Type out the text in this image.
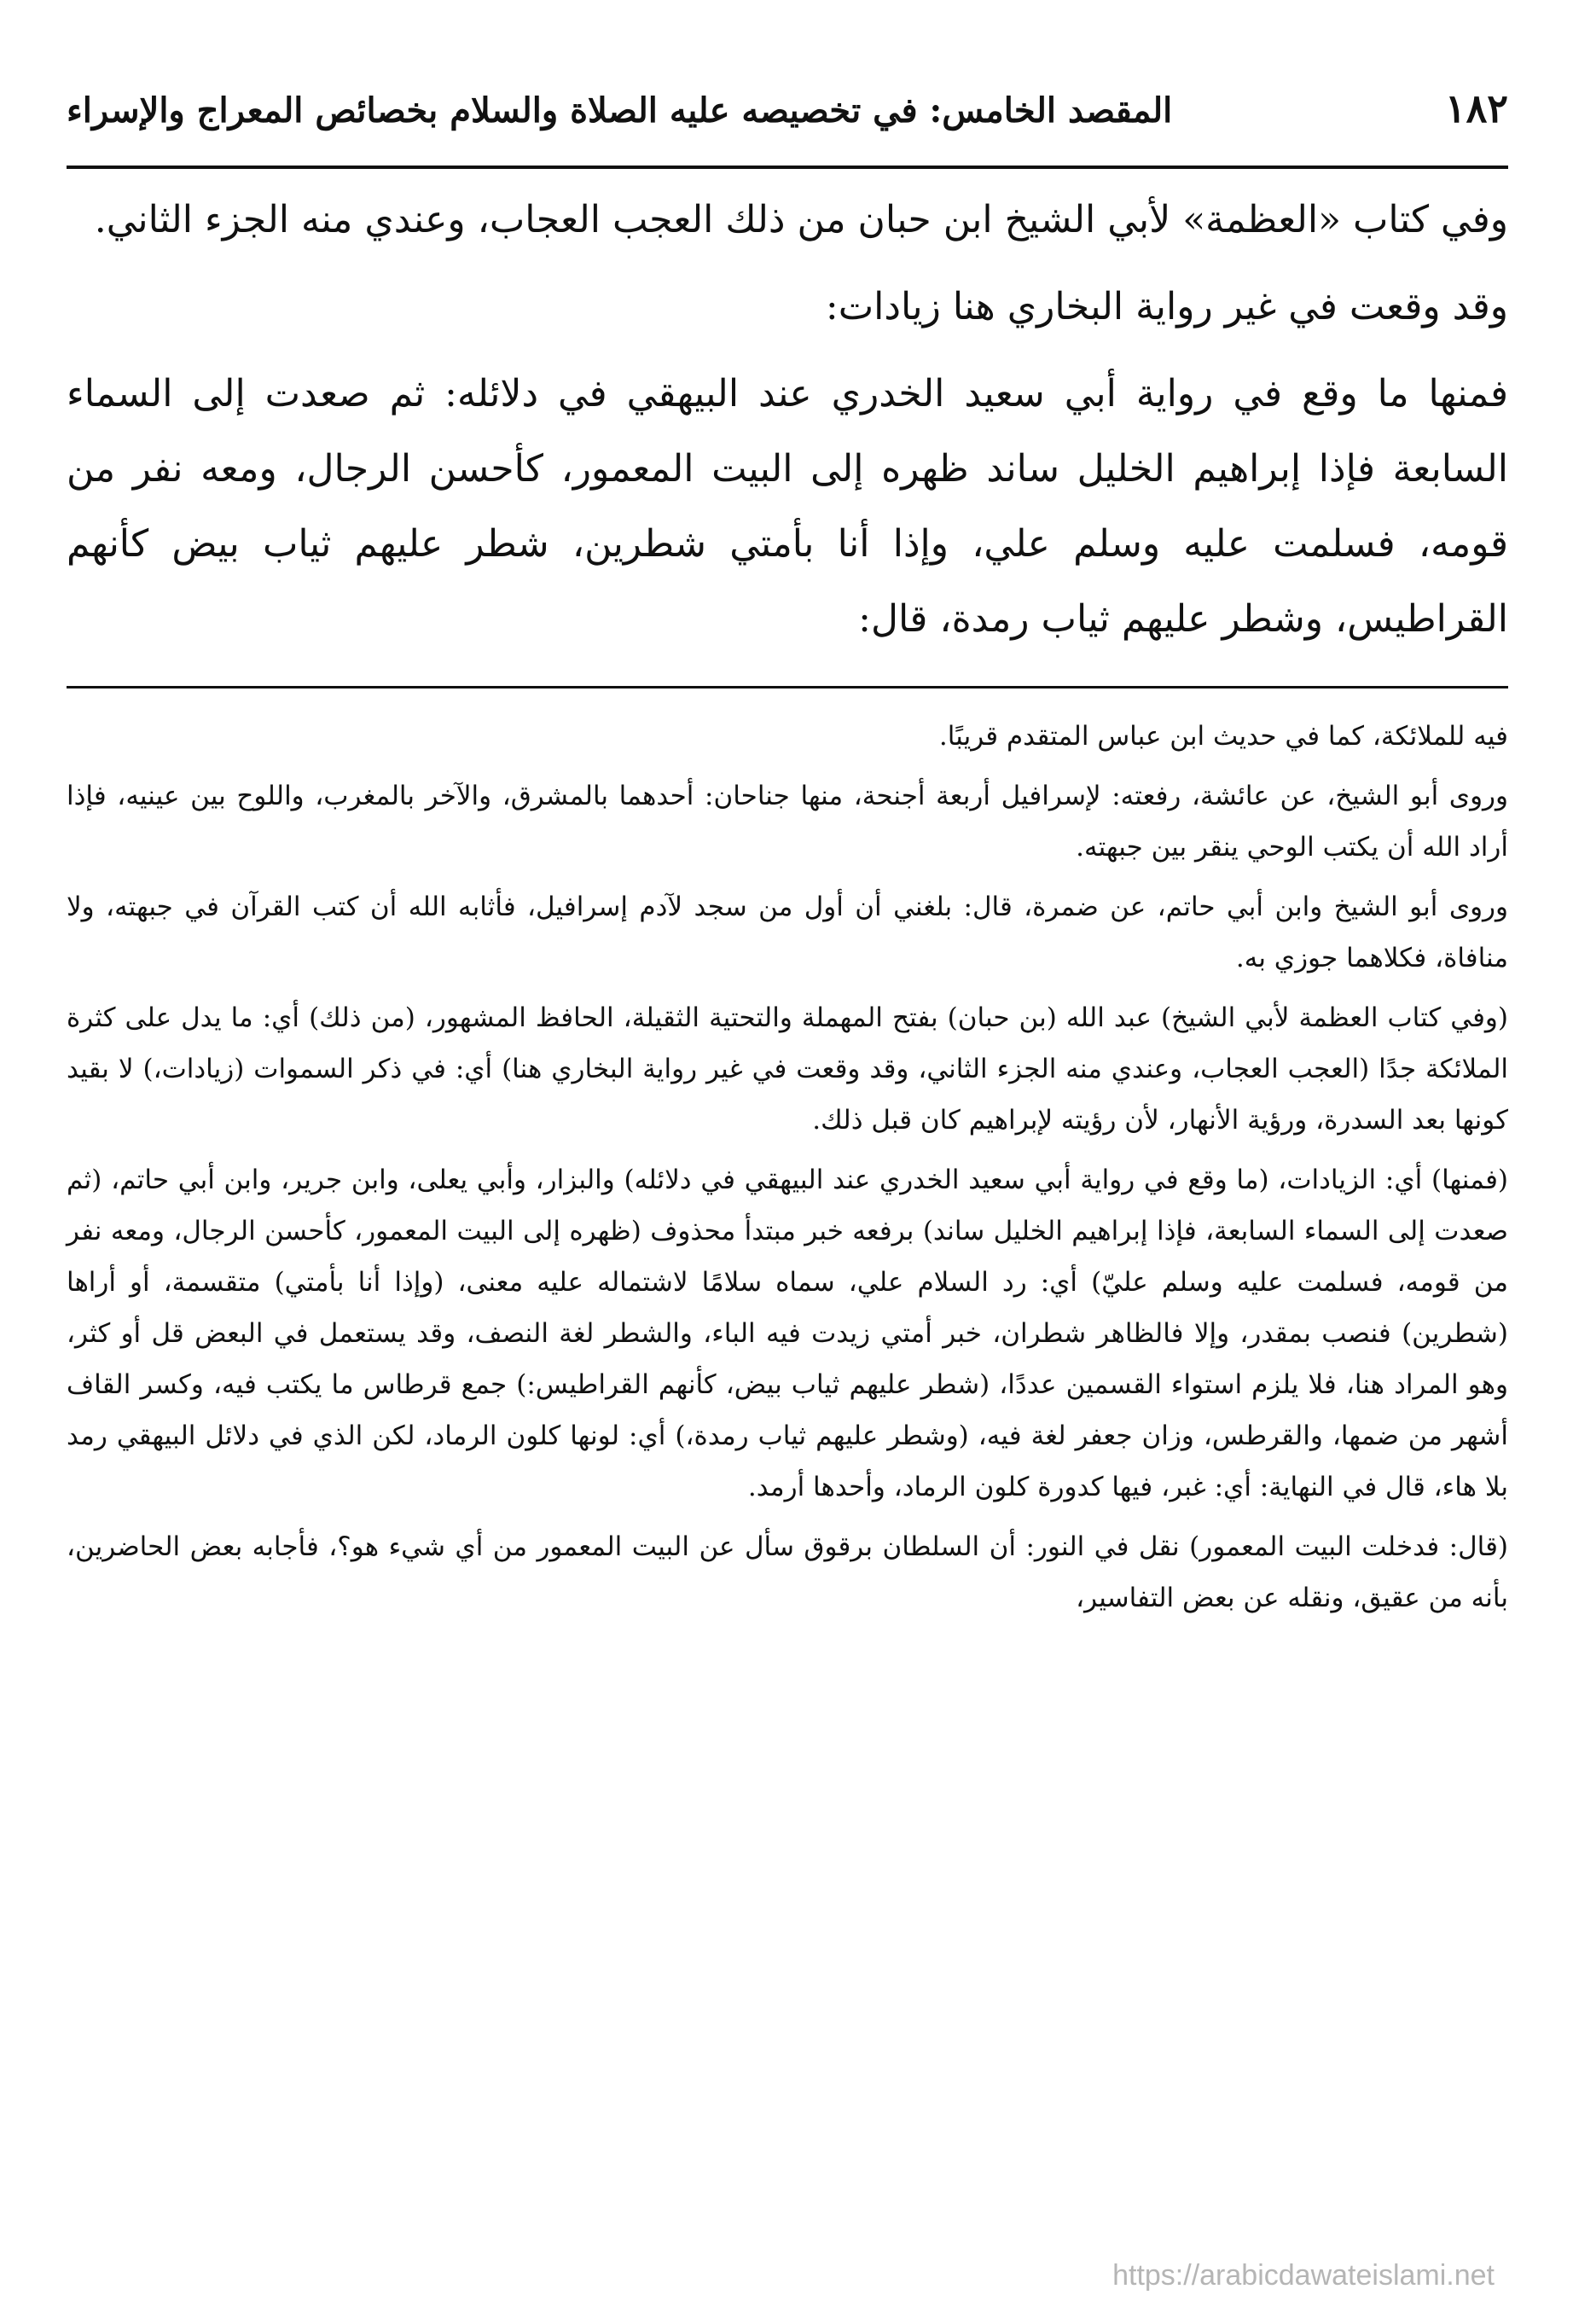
١٨٢
المقصد الخامس: في تخصيصه عليه الصلاة والسلام بخصائص المعراج والإسراء

وفي كتاب «العظمة» لأبي الشيخ ابن حبان من ذلك العجب العجاب، وعندي منه الجزء الثاني.

وقد وقعت في غير رواية البخاري هنا زيادات:

فمنها ما وقع في رواية أبي سعيد الخدري عند البيهقي في دلائله: ثم صعدت إلى السماء السابعة فإذا إبراهيم الخليل ساند ظهره إلى البيت المعمور، كأحسن الرجال، ومعه نفر من قومه، فسلمت عليه وسلم علي، وإذا أنا بأمتي شطرين، شطر عليهم ثياب بيض كأنهم القراطيس، وشطر عليهم ثياب رمدة، قال:

فيه للملائكة، كما في حديث ابن عباس المتقدم قريبًا.

وروى أبو الشيخ، عن عائشة، رفعته: لإسرافيل أربعة أجنحة، منها جناحان: أحدهما بالمشرق، والآخر بالمغرب، واللوح بين عينيه، فإذا أراد الله أن يكتب الوحي ينقر بين جبهته.

وروى أبو الشيخ وابن أبي حاتم، عن ضمرة، قال: بلغني أن أول من سجد لآدم إسرافيل، فأثابه الله أن كتب القرآن في جبهته، ولا منافاة، فكلاهما جوزي به.

(وفي كتاب العظمة لأبي الشيخ) عبد الله (بن حبان) بفتح المهملة والتحتية الثقيلة، الحافظ المشهور، (من ذلك) أي: ما يدل على كثرة الملائكة جدًا (العجب العجاب، وعندي منه الجزء الثاني، وقد وقعت في غير رواية البخاري هنا) أي: في ذكر السموات (زيادات،) لا بقيد كونها بعد السدرة، ورؤية الأنهار، لأن رؤيته لإبراهيم كان قبل ذلك.

(فمنها) أي: الزيادات، (ما وقع في رواية أبي سعيد الخدري عند البيهقي في دلائله) والبزار، وأبي يعلى، وابن جرير، وابن أبي حاتم، (ثم صعدت إلى السماء السابعة، فإذا إبراهيم الخليل ساند) برفعه خبر مبتدأ محذوف (ظهره إلى البيت المعمور، كأحسن الرجال، ومعه نفر من قومه، فسلمت عليه وسلم عليّ) أي: رد السلام علي، سماه سلامًا لاشتماله عليه معنى، (وإذا أنا بأمتي) متقسمة، أو أراها (شطرين) فنصب بمقدر، وإلا فالظاهر شطران، خبر أمتي زيدت فيه الباء، والشطر لغة النصف، وقد يستعمل في البعض قل أو كثر، وهو المراد هنا، فلا يلزم استواء القسمين عددًا، (شطر عليهم ثياب بيض، كأنهم القراطيس:) جمع قرطاس ما يكتب فيه، وكسر القاف أشهر من ضمها، والقرطس، وزان جعفر لغة فيه، (وشطر عليهم ثياب رمدة،) أي: لونها كلون الرماد، لكن الذي في دلائل البيهقي رمد بلا هاء، قال في النهاية: أي: غبر، فيها كدورة كلون الرماد، وأحدها أرمد.

(قال: فدخلت البيت المعمور) نقل في النور: أن السلطان برقوق سأل عن البيت المعمور من أي شيء هو؟، فأجابه بعض الحاضرين، بأنه من عقيق، ونقله عن بعض التفاسير،

https://arabicdawateislami.net
